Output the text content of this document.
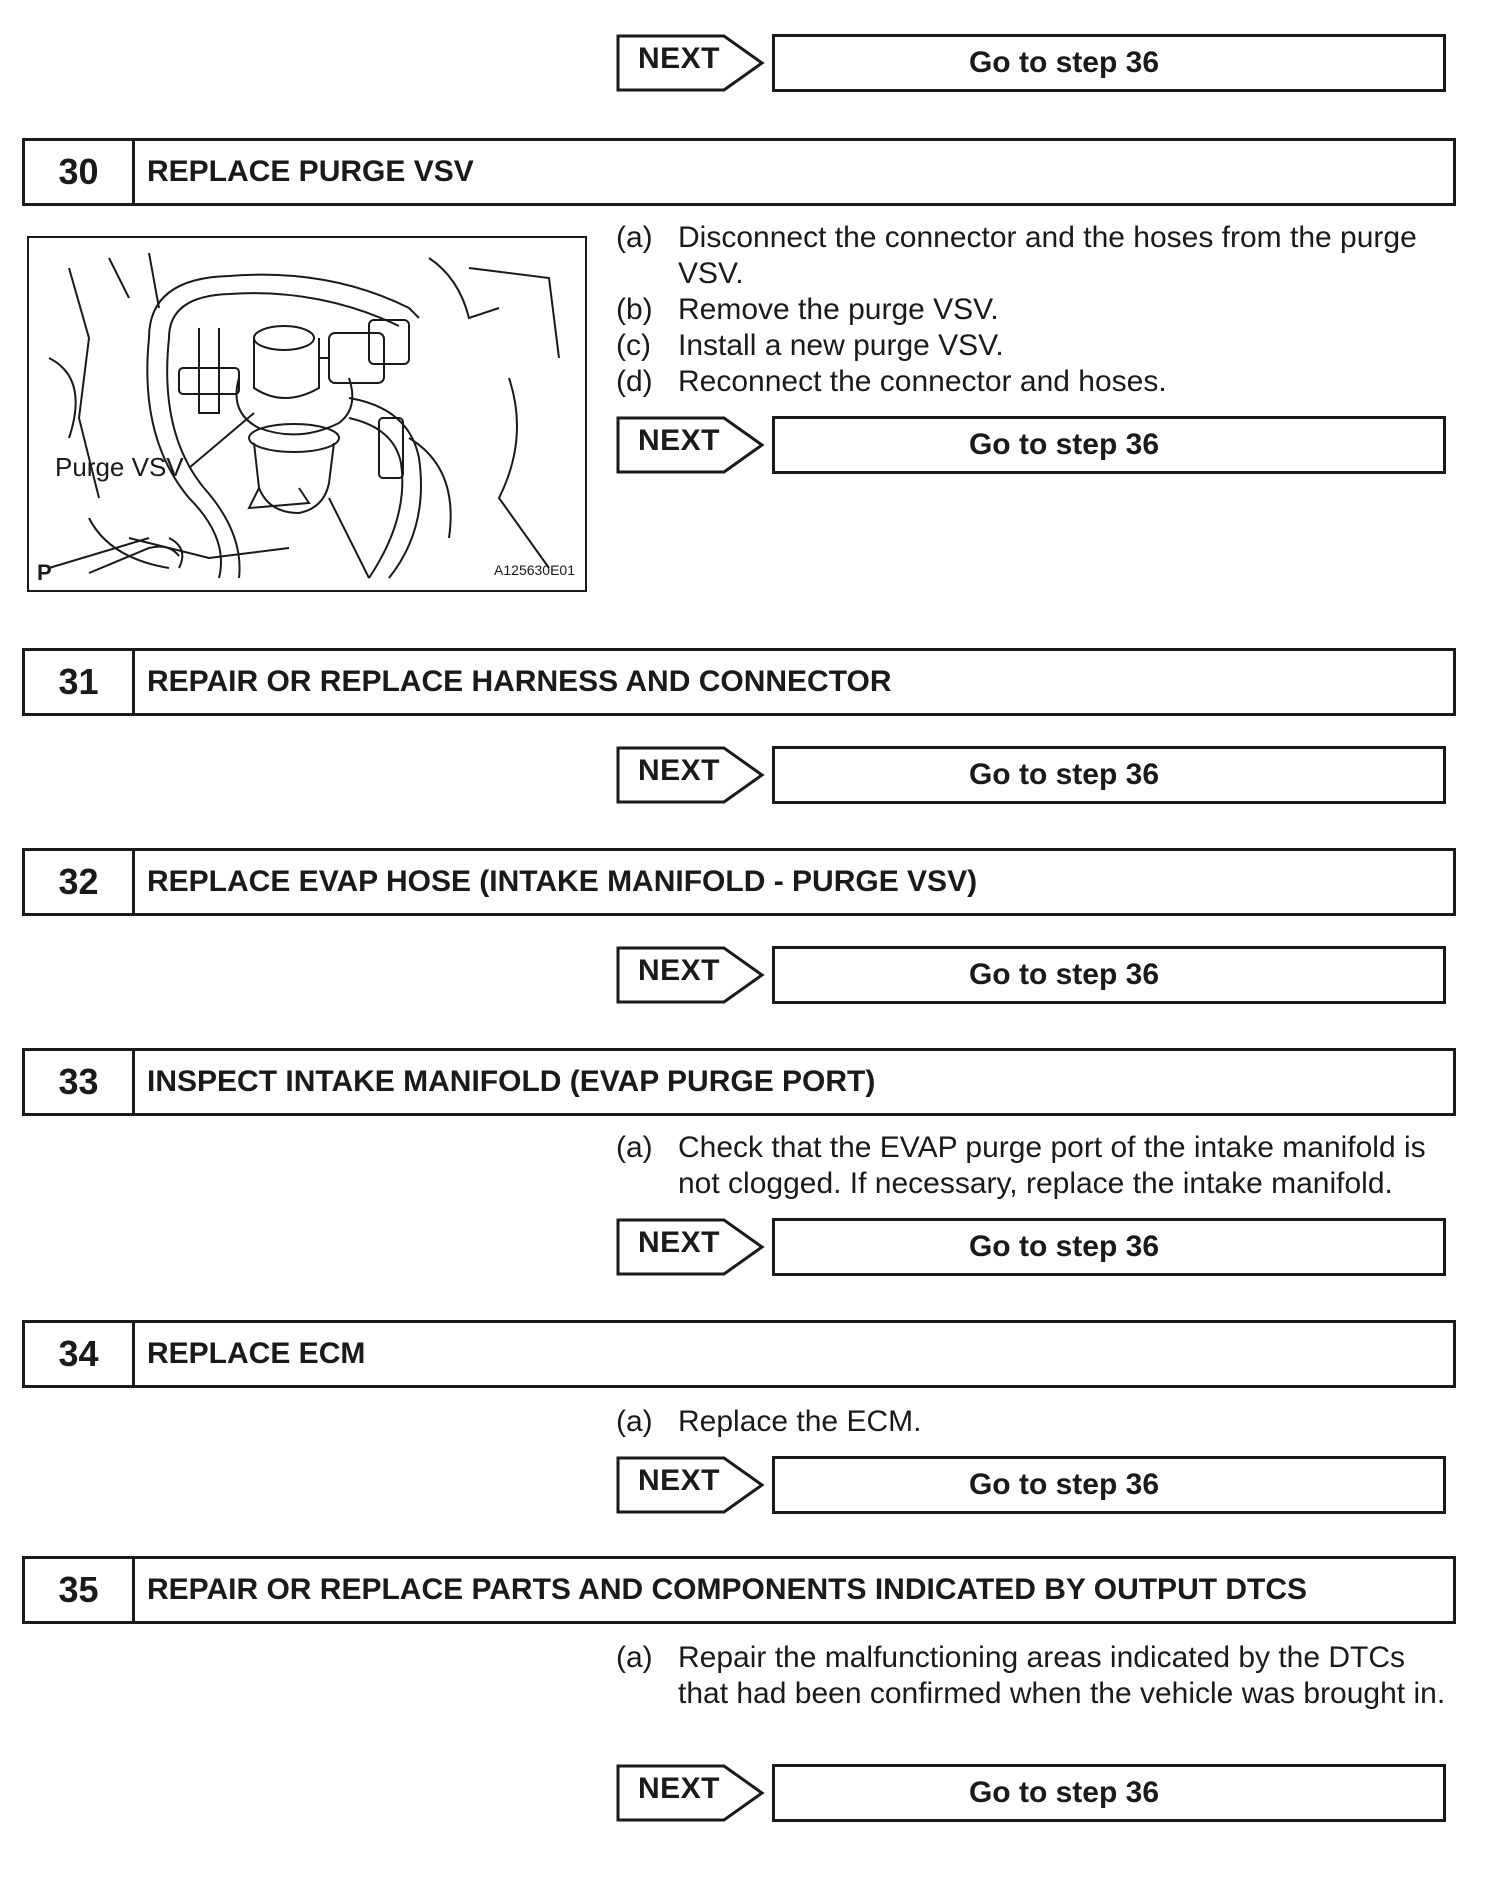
NEXT	Go to step 36
30	REPLACE PURGE VSV
Purge VSV
P	A125630E01
(a) Disconnect the connector and the hoses from the purge VSV.
(b) Remove the purge VSV.
(c) Install a new purge VSV.
(d) Reconnect the connector and hoses.
NEXT	Go to step 36
31	REPAIR OR REPLACE HARNESS AND CONNECTOR
NEXT	Go to step 36
32	REPLACE EVAP HOSE (INTAKE MANIFOLD - PURGE VSV)
NEXT	Go to step 36
33	INSPECT INTAKE MANIFOLD (EVAP PURGE PORT)
(a) Check that the EVAP purge port of the intake manifold is not clogged. If necessary, replace the intake manifold.
NEXT	Go to step 36
34	REPLACE ECM
(a) Replace the ECM.
NEXT	Go to step 36
35	REPAIR OR REPLACE PARTS AND COMPONENTS INDICATED BY OUTPUT DTCS
(a) Repair the malfunctioning areas indicated by the DTCs that had been confirmed when the vehicle was brought in.
NEXT	Go to step 36
